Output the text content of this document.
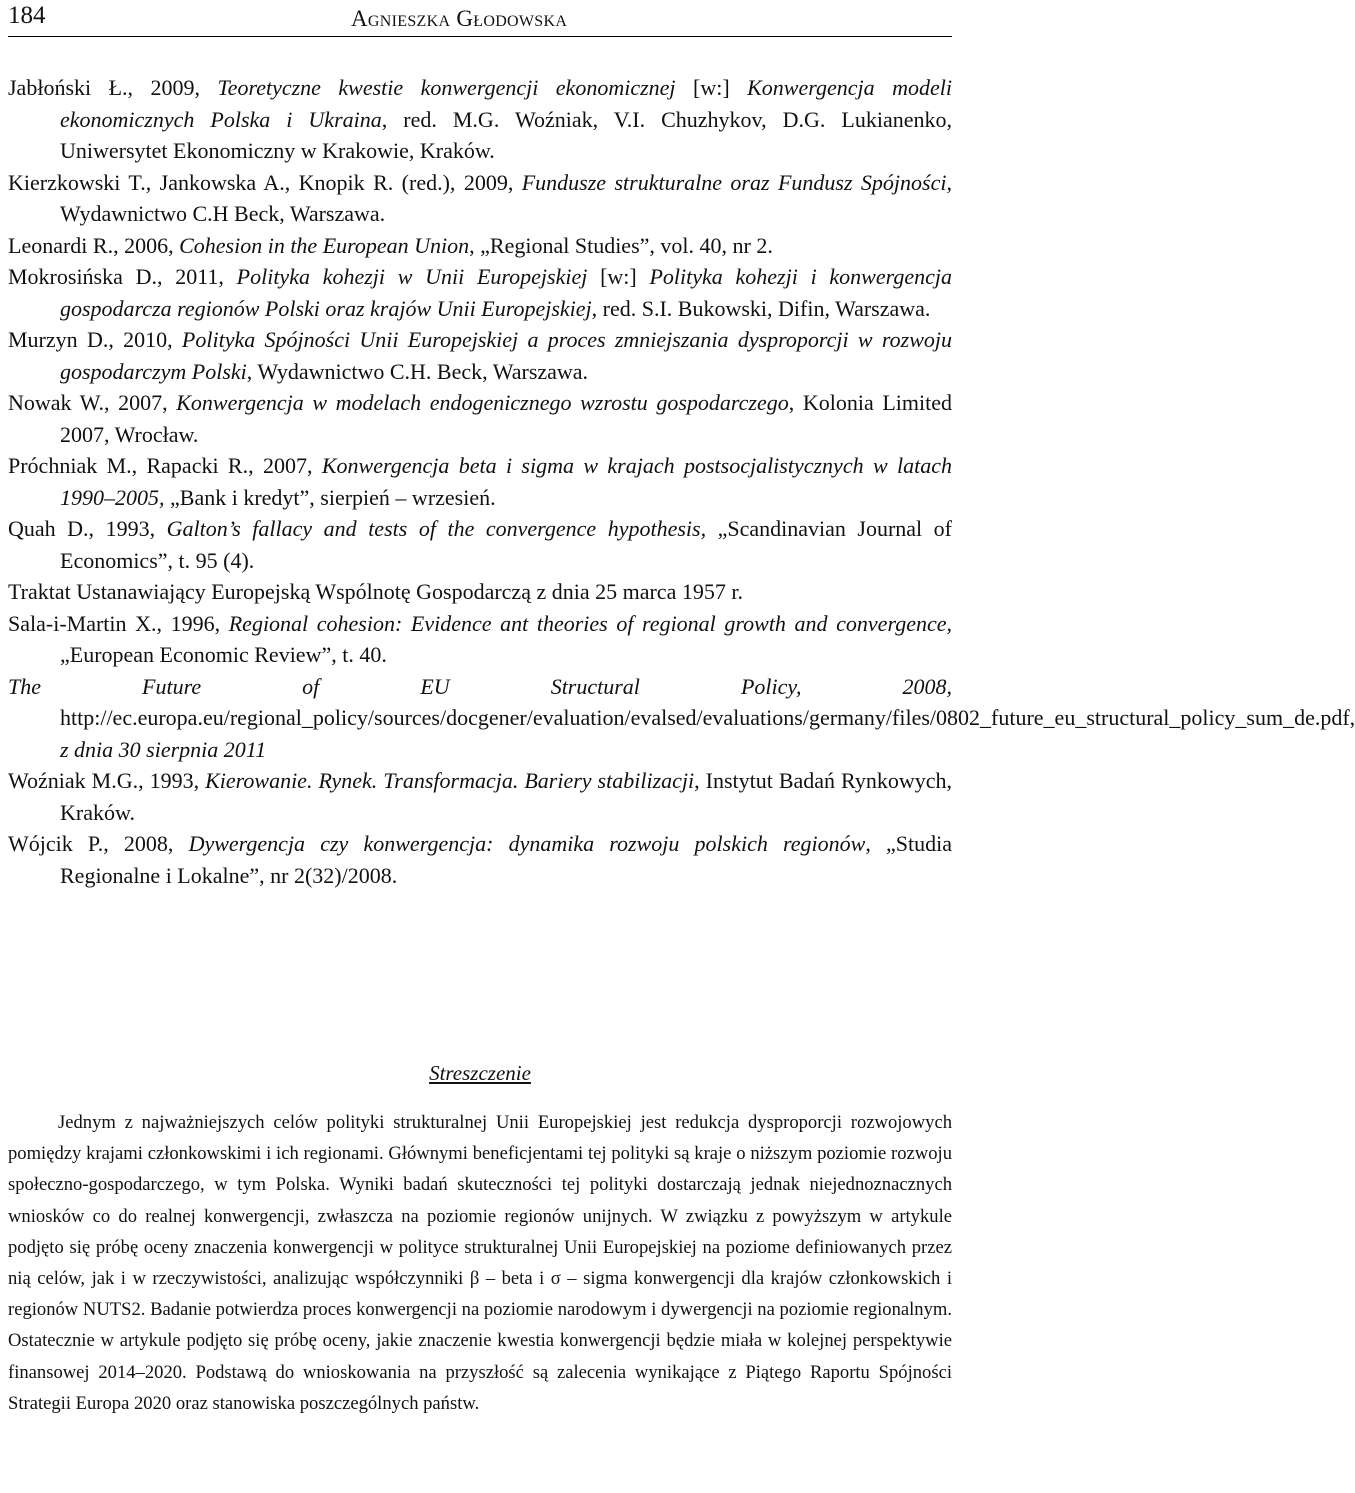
184	Agnieszka Głodowska

Jabłoński Ł., 2009, Teoretyczne kwestie konwergencji ekonomicznej [w:] Konwergencja modeli ekonomicznych Polska i Ukraina, red. M.G. Woźniak, V.I. Chuzhykov, D.G. Lukianenko, Uniwersytet Ekonomiczny w Krakowie, Kraków.

Kierzkowski T., Jankowska A., Knopik R. (red.), 2009, Fundusze strukturalne oraz Fundusz Spójności, Wydawnictwo C.H Beck, Warszawa.

Leonardi R., 2006, Cohesion in the European Union, „Regional Studies”, vol. 40, nr 2.

Mokrosińska D., 2011, Polityka kohezji w Unii Europejskiej [w:] Polityka kohezji i konwergencja gospodarcza regionów Polski oraz krajów Unii Europejskiej, red. S.I. Bukowski, Difin, Warszawa.

Murzyn D., 2010, Polityka Spójności Unii Europejskiej a proces zmniejszania dysproporcji w rozwoju gospodarczym Polski, Wydawnictwo C.H. Beck, Warszawa.

Nowak W., 2007, Konwergencja w modelach endogenicznego wzrostu gospodarczego, Kolonia Limited 2007, Wrocław.

Próchniak M., Rapacki R., 2007, Konwergencja beta i sigma w krajach postsocjalistycznych w latach 1990–2005, „Bank i kredyt”, sierpień – wrzesień.

Quah D., 1993, Galton’s fallacy and tests of the convergence hypothesis, „Scandinavian Journal of Economics”, t. 95 (4).

Traktat Ustanawiający Europejską Wspólnotę Gospodarczą z dnia 25 marca 1957 r.

Sala-i-Martin X., 1996, Regional cohesion: Evidence ant theories of regional growth and convergence, „European Economic Review”, t. 40.

The Future of EU Structural Policy, 2008, http://ec.europa.eu/regional_policy/sources/docgener/evaluation/evalsed/evaluations/germany/files/0802_future_eu_structural_policy_sum_de.pdf, z dnia 30 sierpnia 2011

Woźniak M.G., 1993, Kierowanie. Rynek. Transformacja. Bariery stabilizacji, Instytut Badań Rynkowych, Kraków.

Wójcik P., 2008, Dywergencja czy konwergencja: dynamika rozwoju polskich regionów, „Studia Regionalne i Lokalne”, nr 2(32)/2008.

Streszczenie

Jednym z najważniejszych celów polityki strukturalnej Unii Europejskiej jest redukcja dysproporcji rozwojowych pomiędzy krajami członkowskimi i ich regionami. Głównymi beneficjentami tej polityki są kraje o niższym poziomie rozwoju społeczno-gospodarczego, w tym Polska. Wyniki badań skuteczności tej polityki dostarczają jednak niejednoznacznych wniosków co do realnej konwergencji, zwłaszcza na poziomie regionów unijnych. W związku z powyższym w artykule podjęto się próbę oceny znaczenia konwergencji w polityce strukturalnej Unii Europejskiej na poziome definiowanych przez nią celów, jak i w rzeczywistości, analizując współczynniki β – beta i σ – sigma konwergencji dla krajów członkowskich i regionów NUTS2. Badanie potwierdza proces konwergencji na poziomie narodowym i dywergencji na poziomie regionalnym. Ostatecznie w artykule podjęto się próbę oceny, jakie znaczenie kwestia konwergencji będzie miała w kolejnej perspektywie finansowej 2014–2020. Podstawą do wnioskowania na przyszłość są zalecenia wynikające z Piątego Raportu Spójności Strategii Europa 2020 oraz stanowiska poszczególnych państw.
